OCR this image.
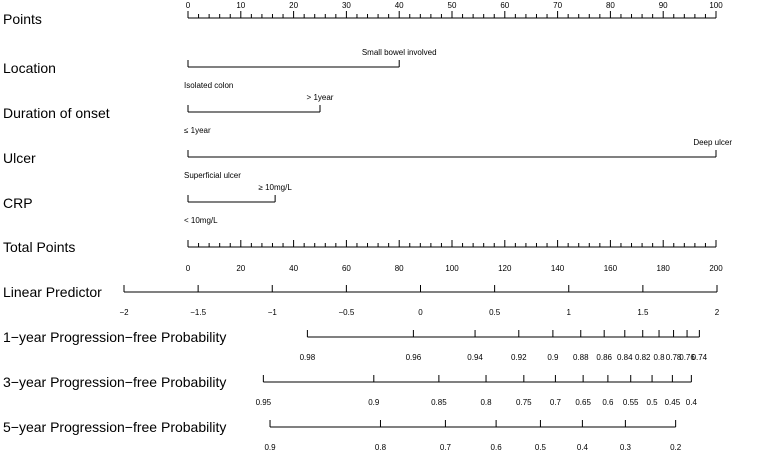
Points
0	10	20	30	40	50	60	70	80	90	100
Location
Isolated colon
Small bowel involved
Duration of onset
≤ 1year
> 1year
Ulcer
Superficial ulcer
Deep ulcer
CRP
< 10mg/L
≥ 10mg/L
Total Points
0	20	40	60	80	100	120	140	160	180	200
Linear Predictor
−2	−1.5	−1	−0.5	0	0.5	1	1.5	2
1−year Progression−free Probability
0.98	0.96	0.94	0.92	0.9 0.88 0.86 0.84 0.82 0.8 0.78
0.76
0.74
3−year Progression−free Probability
0.95	0.9	0.85	0.8	0.75 0.7 0.65 0.6 0.55 0.5 0.45 0.4
5−year Progression−free Probability
0.9	0.8	0.7	0.6	0.5	0.4	0.3	0.2
